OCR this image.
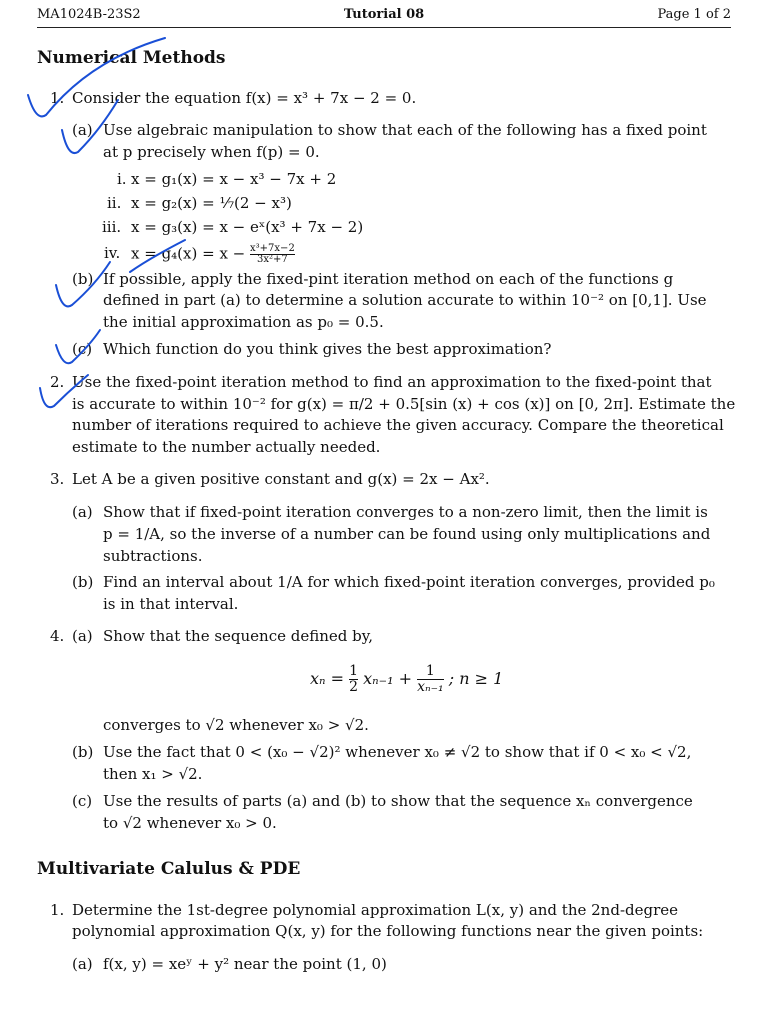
MA1024B-23S2	Tutorial 08	Page 1 of 2
Numerical Methods
1. Consider the equation f(x) = x³ + 7x − 2 = 0.
(a) Use algebraic manipulation to show that each of the following has a fixed point
at p precisely when f(p) = 0.
i. x = g₁(x) = x − x³ − 7x + 2
ii. x = g₂(x) = ⅐(2 − x³)
iii. x = g₃(x) = x − eˣ(x³ + 7x − 2)
iv. $x = g_4(x) = x - \frac{\text{x³+7x−2}}{\text{3x²+7}}$
(b) If possible, apply the fixed-pint iteration method on each of the functions g
defined in part (a) to determine a solution accurate to within 10⁻² on [0,1]. Use
the initial approximation as p₀ = 0.5.
(c) Which function do you think gives the best approximation?
2. Use the fixed-point iteration method to find an approximation to the fixed-point that
is accurate to within 10⁻² for g(x) = π/2 + 0.5[sin (x) + cos (x)] on [0, 2π]. Estimate the
number of iterations required to achieve the given accuracy. Compare the theoretical
estimate to the number actually needed.
3. Let A be a given positive constant and g(x) = 2x − Ax².
(a) Show that if fixed-point iteration converges to a non-zero limit, then the limit is
p = 1/A, so the inverse of a number can be found using only multiplications and
subtractions.
(b) Find an interval about 1/A for which fixed-point iteration converges, provided p₀
is in that interval.
4. (a) Show that the sequence defined by,
$x_n = \frac{1}{2} x_{n-1} + \frac{1}{\text{xₙ₋₁}}$ ; n ≥ 1
converges to √2 whenever x₀ > √2.
(b) Use the fact that 0 < (x₀ − √2)² whenever x₀ ≠ √2 to show that if 0 < x₀ < √2,
then x₁ > √2.
(c) Use the results of parts (a) and (b) to show that the sequence xₙ convergence
to √2 whenever x₀ > 0.
Multivariate Calulus & PDE
1. Determine the 1st-degree polynomial approximation L(x, y) and the 2nd-degree
polynomial approximation Q(x, y) for the following functions near the given points:
(a) f(x, y) = xeʸ + y² near the point (1, 0)
